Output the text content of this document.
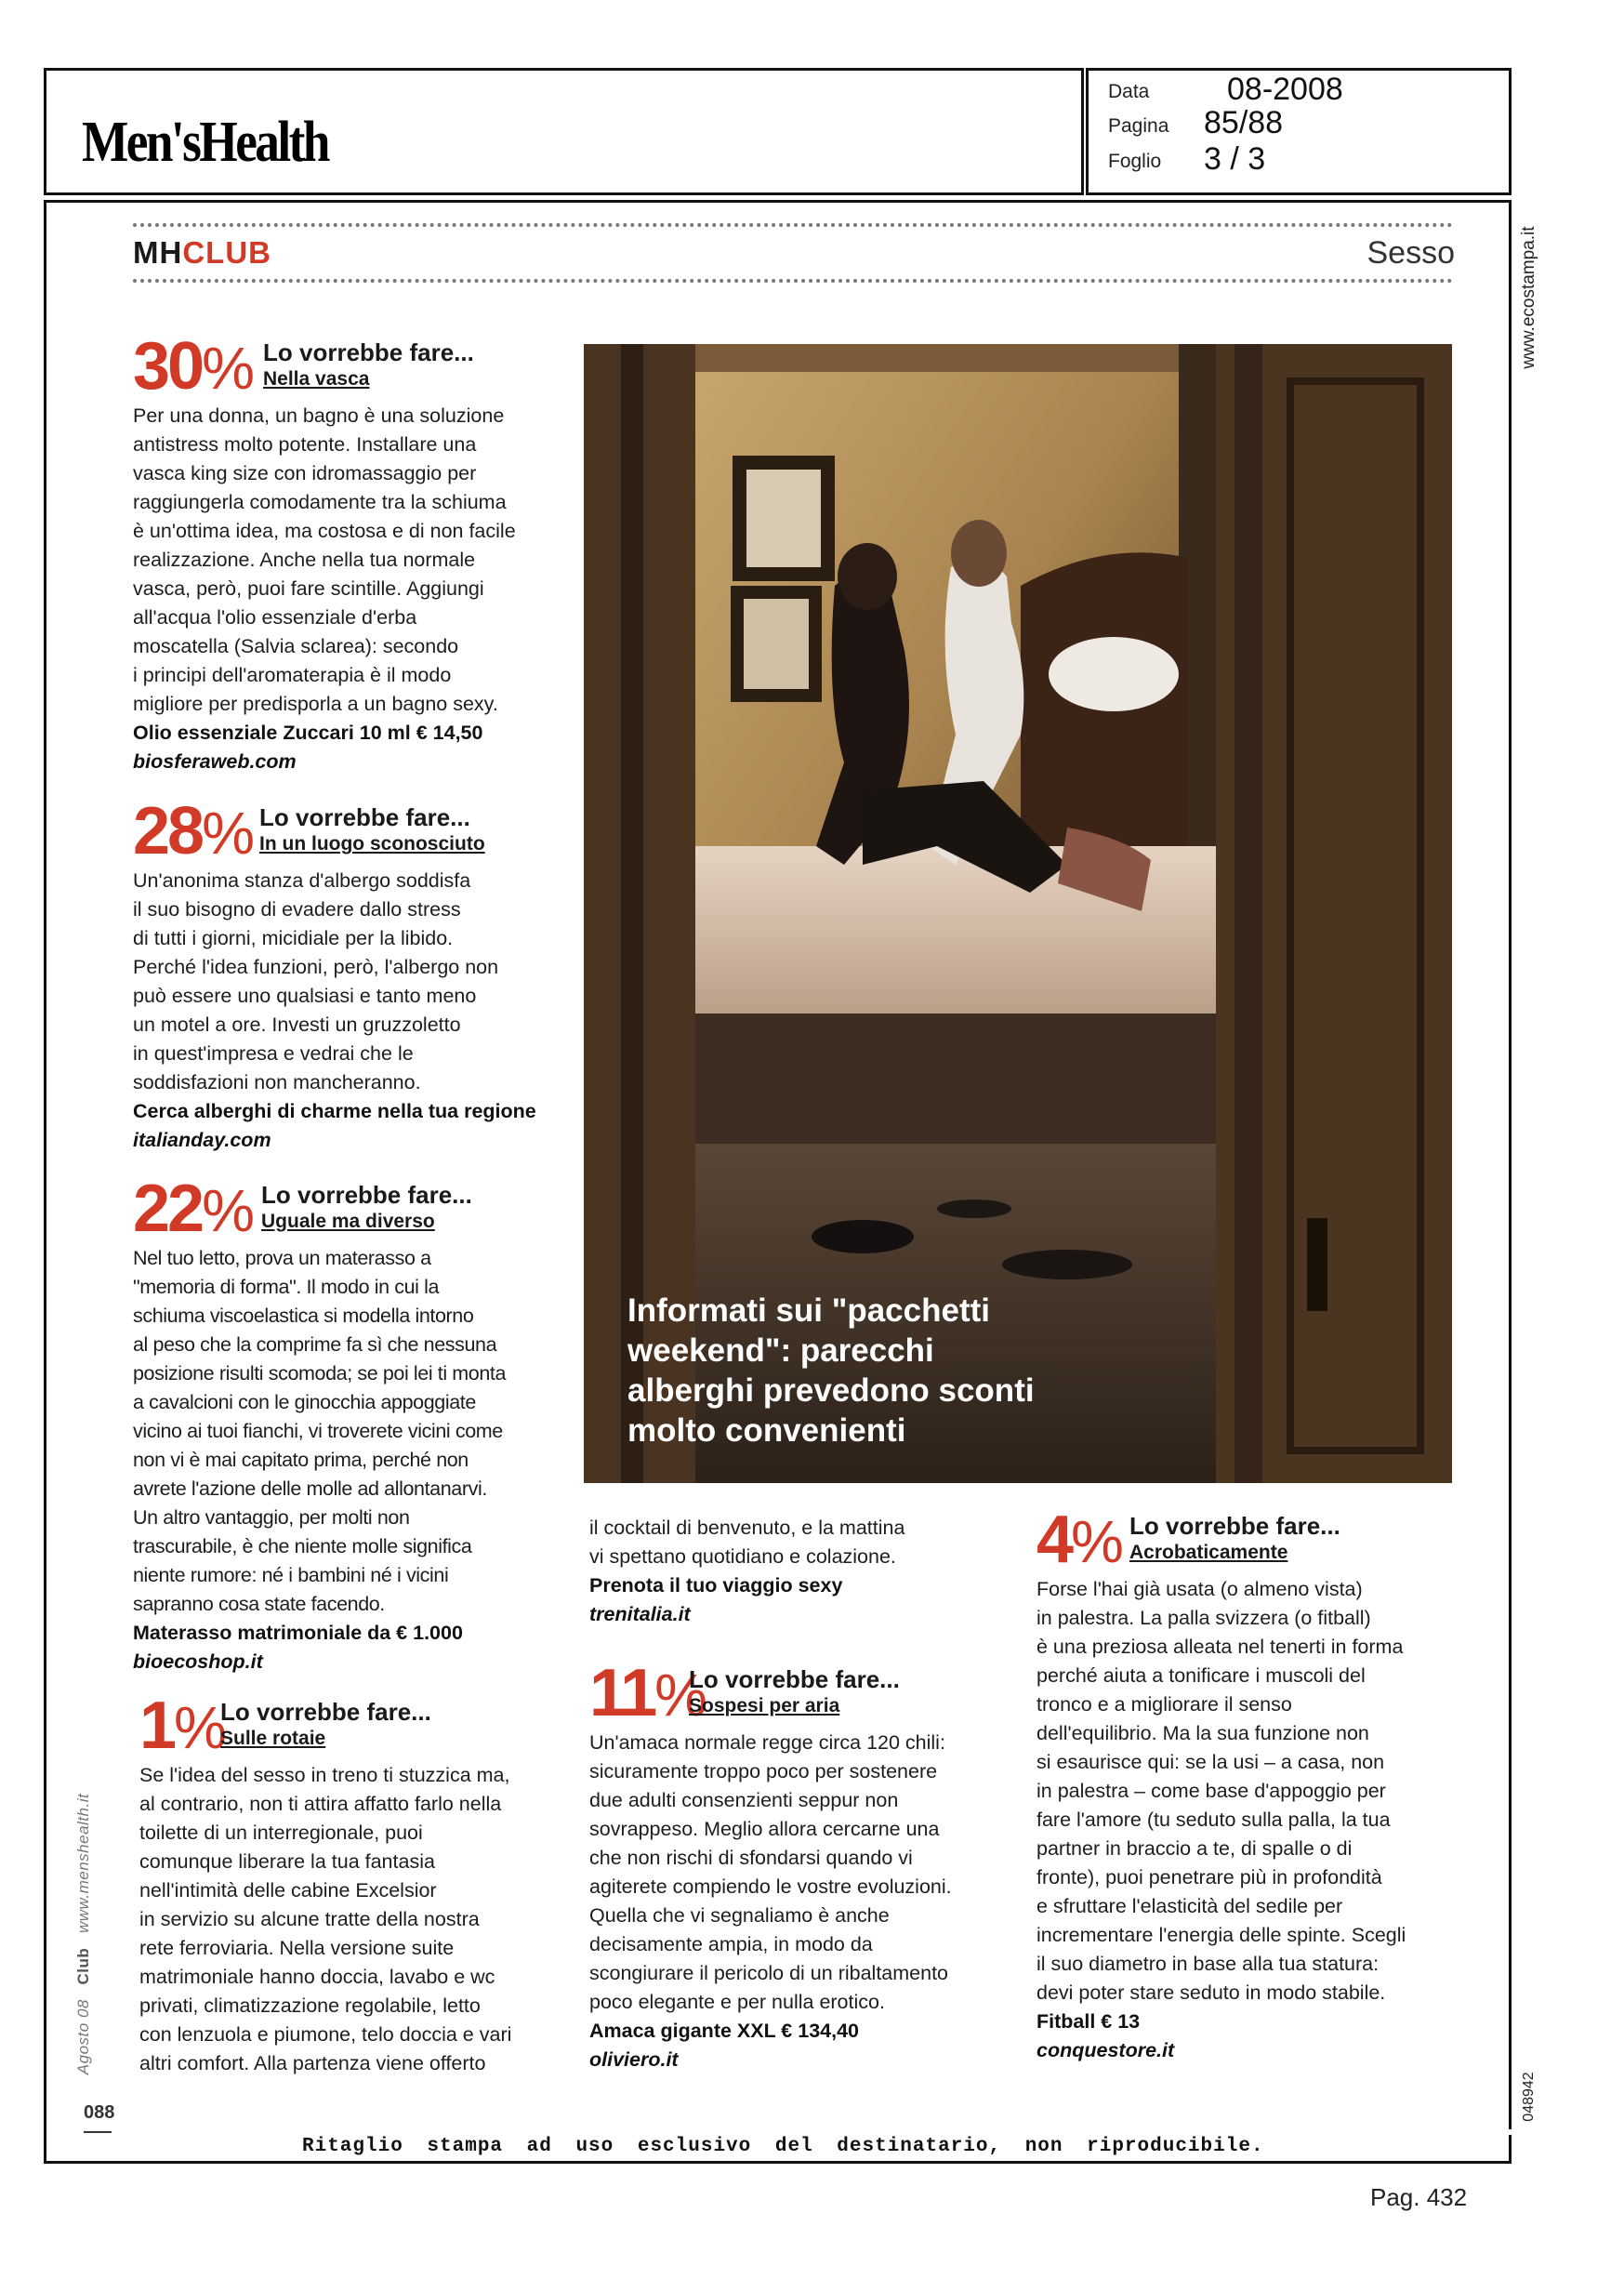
Men'sHealth
Data 08-2008
Pagina 85/88
Foglio 3 / 3
MHCLUB	Sesso	www.ecostampa.it
048942
Agosto 08   Club   www.menshealth.it
088
30% Lo vorrebbe fare...
Nella vasca
Per una donna, un bagno è una soluzione
antistress molto potente. Installare una
vasca king size con idromassaggio per
raggiungerla comodamente tra la schiuma
è un'ottima idea, ma costosa e di non facile
realizzazione. Anche nella tua normale
vasca, però, puoi fare scintille. Aggiungi
all'acqua l'olio essenziale d'erba
moscatella (Salvia sclarea): secondo
i principi dell'aromaterapia è il modo
migliore per predisporla a un bagno sexy.
Olio essenziale Zuccari 10 ml € 14,50
biosferaweb.com
28% Lo vorrebbe fare...
In un luogo sconosciuto
Un'anonima stanza d'albergo soddisfa
il suo bisogno di evadere dallo stress
di tutti i giorni, micidiale per la libido.
Perché l'idea funzioni, però, l'albergo non
può essere uno qualsiasi e tanto meno
un motel a ore. Investi un gruzzoletto
in quest'impresa e vedrai che le
soddisfazioni non mancheranno.
Cerca alberghi di charme nella tua regione
italianday.com
22% Lo vorrebbe fare...
Uguale ma diverso
Nel tuo letto, prova un materasso a
"memoria di forma". Il modo in cui la
schiuma viscoelastica si modella intorno
al peso che la comprime fa sì che nessuna
posizione risulti scomoda; se poi lei ti monta
a cavalcioni con le ginocchia appoggiate
vicino ai tuoi fianchi, vi troverete vicini come
non vi è mai capitato prima, perché non
avrete l'azione delle molle ad allontanarvi.
Un altro vantaggio, per molti non
trascurabile, è che niente molle significa
niente rumore: né i bambini né i vicini
sapranno cosa state facendo.
Materasso matrimoniale da € 1.000
bioecoshop.it
1%
Lo vorrebbe fare...
Sulle rotaie
Se l'idea del sesso in treno ti stuzzica ma,
al contrario, non ti attira affatto farlo nella
toilette di un interregionale, puoi
comunque liberare la tua fantasia
nell'intimità delle cabine Excelsior
in servizio su alcune tratte della nostra
rete ferroviaria. Nella versione suite
matrimoniale hanno doccia, lavabo e wc
privati, climatizzazione regolabile, letto
con lenzuola e piumone, telo doccia e vari
altri comfort. Alla partenza viene offerto
Informati sui "pacchetti
weekend": parecchi
alberghi prevedono sconti
molto convenienti
il cocktail di benvenuto, e la mattina
vi spettano quotidiano e colazione.
Prenota il tuo viaggio sexy
trenitalia.it
11%
Lo vorrebbe fare...
Sospesi per aria
Un'amaca normale regge circa 120 chili:
sicuramente troppo poco per sostenere
due adulti consenzienti seppur non
sovrappeso. Meglio allora cercarne una
che non rischi di sfondarsi quando vi
agiterete compiendo le vostre evoluzioni.
Quella che vi segnaliamo è anche
decisamente ampia, in modo da
scongiurare il pericolo di un ribaltamento
poco elegante e per nulla erotico.
Amaca gigante XXL € 134,40
oliviero.it
4% Lo vorrebbe fare...
Acrobaticamente
Forse l'hai già usata (o almeno vista)
in palestra. La palla svizzera (o fitball)
è una preziosa alleata nel tenerti in forma
perché aiuta a tonificare i muscoli del
tronco e a migliorare il senso
dell'equilibrio. Ma la sua funzione non
si esaurisce qui: se la usi – a casa, non
in palestra – come base d'appoggio per
fare l'amore (tu seduto sulla palla, la tua
partner in braccio a te, di spalle o di
fronte), puoi penetrare più in profondità
e sfruttare l'elasticità del sedile per
incrementare l'energia delle spinte. Scegli
il suo diametro in base alla tua statura:
devi poter stare seduto in modo stabile.
Fitball € 13
conquestore.it
Ritaglio stampa ad uso esclusivo del destinatario, non riproducibile.
Pag. 432
